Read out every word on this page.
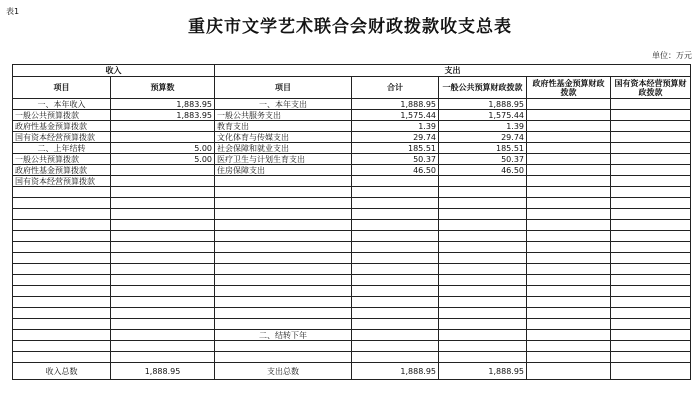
表1
重庆市文学艺术联合会财政拨款收支总表
单位：万元
收入		支出				
项目	预算数	项目	合计	一般公共预算财政拨款	政府性基金预算财政拨款	国有资本经营预算财政拨款
一、本年收入	1,883.95	一、本年支出	1,888.95	1,888.95		
一般公共预算拨款	1,883.95	一般公共服务支出	1,575.44	1,575.44		
政府性基金预算拨款		教育支出	1.39	1.39		
国有资本经营预算拨款		文化体育与传媒支出	29.74	29.74		
二、上年结转	5.00	社会保障和就业支出	185.51	185.51		
一般公共预算拨款	5.00	医疗卫生与计划生育支出	50.37	50.37		
政府性基金预算拨款		住房保障支出	46.50	46.50		
国有资本经营预算拨款						

		二、结转下年				

收入总数	1,888.95	支出总数	1,888.95	1,888.95		
